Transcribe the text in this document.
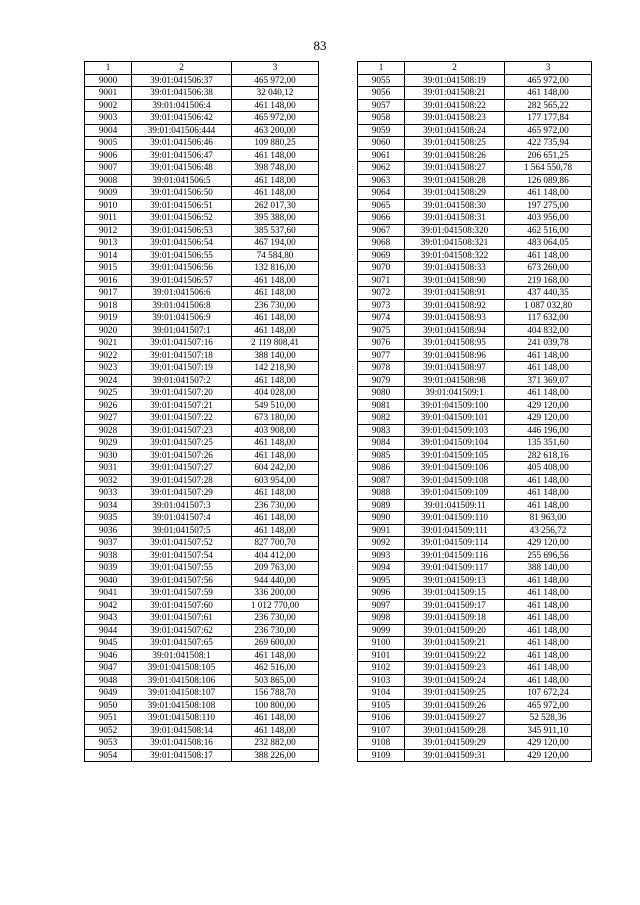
83
1	2	3
9000	39:01:041506:37	465 972,00
9001	39:01:041506:38	32 040,12
9002	39:01:041506:4	461 148,00
9003	39:01:041506:42	465 972,00
9004	39:01:041506:444	463 200,00
9005	39:01:041506:46	109 880,25
9006	39:01:041506:47	461 148,00
9007	39:01:041506:48	398 748,00
9008	39:01:041506:5	461 148,00
9009	39:01:041506:50	461 148,00
9010	39:01:041506:51	262 017,30
9011	39:01:041506:52	395 388,00
9012	39:01:041506:53	385 537,60
9013	39:01:041506:54	467 194,00
9014	39:01:041506:55	74 584,80
9015	39:01:041506:56	132 816,00
9016	39:01:041506:57	461 148,00
9017	39:01:041506:6	461 148,00
9018	39:01:041506:8	236 730,00
9019	39:01:041506:9	461 148,00
9020	39:01:041507:1	461 148,00
9021	39:01:041507:16	2 119 808,41
9022	39:01:041507:18	388 140,00
9023	39:01:041507:19	142 218,90
9024	39:01:041507:2	461 148,00
9025	39:01:041507:20	404 028,00
9026	39:01:041507:21	549 510,00
9027	39:01:041507:22	673 180,00
9028	39:01:041507:23	403 908,00
9029	39:01:041507:25	461 148,00
9030	39:01:041507:26	461 148,00
9031	39:01:041507:27	604 242,00
9032	39:01:041507:28	603 954,00
9033	39:01:041507:29	461 148,00
9034	39:01:041507:3	236 730,00
9035	39:01:041507:4	461 148,00
9036	39:01:041507:5	461 148,00
9037	39:01:041507:52	827 700,70
9038	39:01:041507:54	404 412,00
9039	39:01:041507:55	209 763,00
9040	39:01:041507:56	944 440,00
9041	39:01:041507:59	336 200,00
9042	39:01:041507:60	1 012 770,00
9043	39:01:041507:61	236 730,00
9044	39:01:041507:62	236 730,00
9045	39:01:041507:65	269 600,00
9046	39:01:041508:1	461 148,00
9047	39:01:041508:105	462 516,00
9048	39:01:041508:106	503 865,00
9049	39:01:041508:107	156 788,70
9050	39:01:041508:108	100 800,00
9051	39:01:041508:110	461 148,00
9052	39:01:041508:14	461 148,00
9053	39:01:041508:16	232 882,00
9054	39:01:041508:17	388 226,00
1	2	3
9055	39:01:041508:19	465 972,00
9056	39:01:041508:21	461 148,00
9057	39:01:041508:22	282 565,22
9058	39:01:041508:23	177 177,84
9059	39:01:041508:24	465 972,00
9060	39:01:041508:25	422 735,94
9061	39:01:041508:26	206 651,25
9062	39:01:041508:27	1 564 550,78
9063	39:01:041508:28	126 089,86
9064	39:01:041508:29	461 148,00
9065	39:01:041508:30	197 275,00
9066	39:01:041508:31	403 956,00
9067	39:01:041508:320	462 516,00
9068	39:01:041508:321	483 064,05
9069	39:01:041508:322	461 148,00
9070	39:01:041508:33	673 260,00
9071	39:01:041508:90	219 168,00
9072	39:01:041508:91	437 440,35
9073	39:01:041508:92	1 087 032,80
9074	39:01:041508:93	117 632,00
9075	39:01:041508:94	404 832,00
9076	39:01:041508:95	241 039,78
9077	39:01:041508:96	461 148,00
9078	39:01:041508:97	461 148,00
9079	39:01:041508:98	371 369,07
9080	39:01:041509:1	461 148,00
9081	39:01:041509:100	429 120,00
9082	39:01:041509:101	429 120,00
9083	39:01:041509:103	446 196,00
9084	39:01:041509:104	135 351,60
9085	39:01:041509:105	282 618,16
9086	39:01:041509:106	405 408,00
9087	39:01:041509:108	461 148,00
9088	39:01:041509:109	461 148,00
9089	39:01:041509:11	461 148,00
9090	39:01:041509:110	81 963,00
9091	39:01:041509:111	43 256,72
9092	39:01:041509:114	429 120,00
9093	39:01:041509:116	255 696,56
9094	39:01:041509:117	388 140,00
9095	39:01:041509:13	461 148,00
9096	39:01:041509:15	461 148,00
9097	39:01:041509:17	461 148,00
9098	39:01:041509:18	461 148,00
9099	39:01:041509:20	461 148,00
9100	39:01:041509:21	461 148,00
9101	39:01:041509:22	461 148,00
9102	39:01:041509:23	461 148,00
9103	39:01:041509:24	461 148,00
9104	39:01:041509:25	107 672,24
9105	39:01:041509:26	465 972,00
9106	39:01:041509:27	52 528,36
9107	39:01:041509:28	345 911,10
9108	39:01:041509:29	429 120,00
9109	39:01:041509:31	429 120,00
